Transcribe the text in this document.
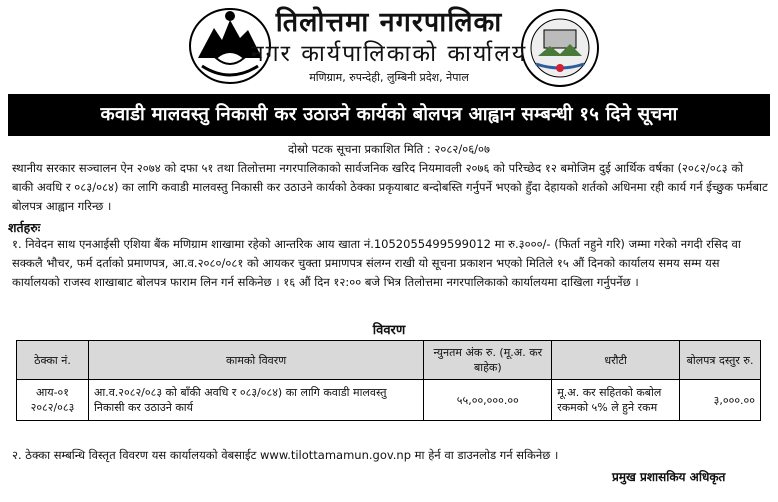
तिलोत्तमा नगरपालिका
नगर कार्यपालिकाको कार्यालय
मणिग्राम, रुपन्देही, लुम्बिनी प्रदेश, नेपाल
कवाडी मालवस्तु निकासी कर उठाउने कार्यको बोलपत्र आह्वान सम्बन्धी १५ दिने सूचना
दोस्रो पटक सूचना प्रकाशित मिति : २०८२/०६/०७
स्थानीय सरकार सञ्चालन ऐन २०७४ को दफा ५१ तथा तिलोत्तमा नगरपालिकाको सार्वजनिक खरिद नियमावली २०७६ को परिच्छेद १२ बमोजिम दुई आर्थिक वर्षका (२०८२/०८३ को बाकी अवधि र ०८३/०८४) का लागि कवाडी मालवस्तु निकासी कर उठाउने कार्यको ठेक्का प्रकृयाबाट बन्दोबस्ति गर्नुपर्ने भएको हुँदा देहायको शर्तको अधिनमा रही कार्य गर्न ईच्छुक फर्मबाट बोलपत्र आह्वान गरिन्छ ।
शर्तहरुः
१. निवेदन साथ एनआईसी एशिया बैंक मणिग्राम शाखामा रहेको आन्तरिक आय खाता नं.1052055499599012 मा रु.३०००/- (फिर्ता नहुने गरि) जम्मा गरेको नगदी रसिद वा सक्कलै भौचर, फर्म दर्ताको प्रमाणपत्र, आ.व.२०८०/०८१ को आयकर चुक्ता प्रमाणपत्र संलग्न राखी यो सूचना प्रकाशन भएको मितिले १५ औं दिनको कार्यालय समय सम्म यस कार्यालयको राजस्व शाखाबाट बोलपत्र फाराम लिन गर्न सकिनेछ । १६ औं दिन १२:०० बजे भित्र तिलोत्तमा नगरपालिकाको कार्यालयमा दाखिला गर्नुपर्नेछ ।
विवरण
ठेक्का नं.	कामको विवरण	न्युनतम अंक रु. (मू.अ. कर बाहेक)	धरौटी	बोलपत्र दस्तुर रु.
आय-०१ २०८२/०८३	आ.व.२०८२/०८३ को बाँकी अवधि र ०८३/०८४) का लागि कवाडी मालवस्तु निकासी कर उठाउने कार्य	५५,००,०००.००	मू.अ. कर सहितको कबोल रकमको ५% ले हुने रकम	३,०००.००
२. ठेक्का सम्बन्धि विस्तृत विवरण यस कार्यालयको वेबसाईट www.tilottamamun.gov.np मा हेर्न वा डाउनलोड गर्न सकिनेछ ।
प्रमुख प्रशासकिय अधिकृत
